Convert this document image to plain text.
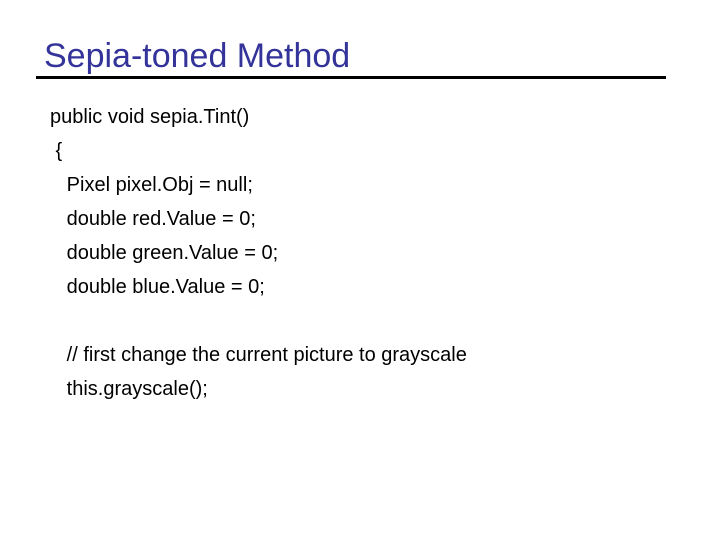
Sepia-toned Method
public void sepia.Tint()
{
Pixel pixel.Obj = null;
double red.Value = 0;
double green.Value = 0;
double blue.Value = 0;
// first change the current picture to grayscale
this.grayscale();
